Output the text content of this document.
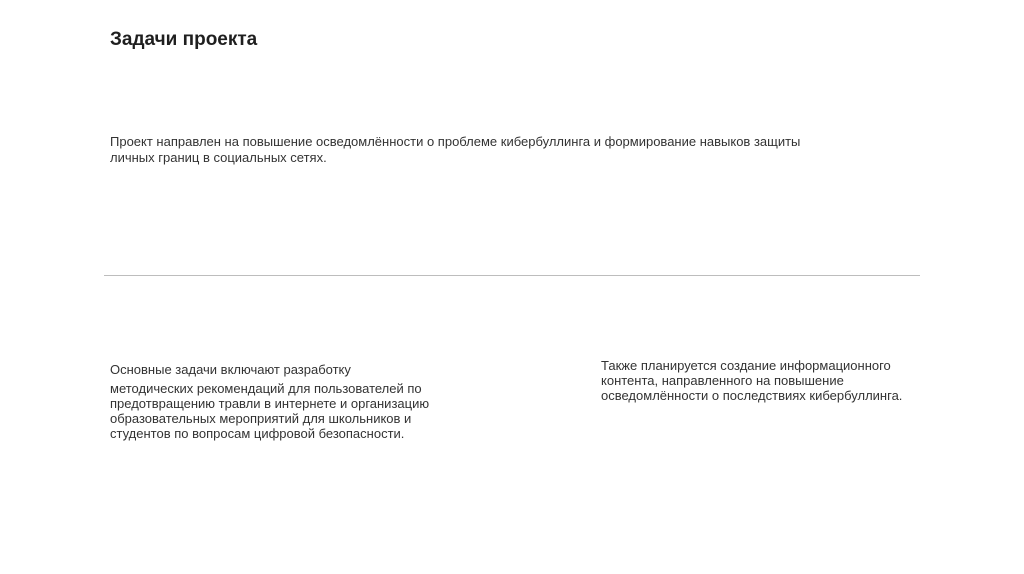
Задачи проекта
Проект направлен на повышение осведомлённости о проблеме кибербуллинга и формирование навыков защиты
личных границ в социальных сетях.
Основные задачи включают разработку
методических рекомендаций для пользователей по предотвращению травли в интернете и организацию образовательных мероприятий для школьников и студентов по вопросам цифровой безопасности.
Также планируется создание информационного контента, направленного на повышение осведомлённости о последствиях кибербуллинга.
